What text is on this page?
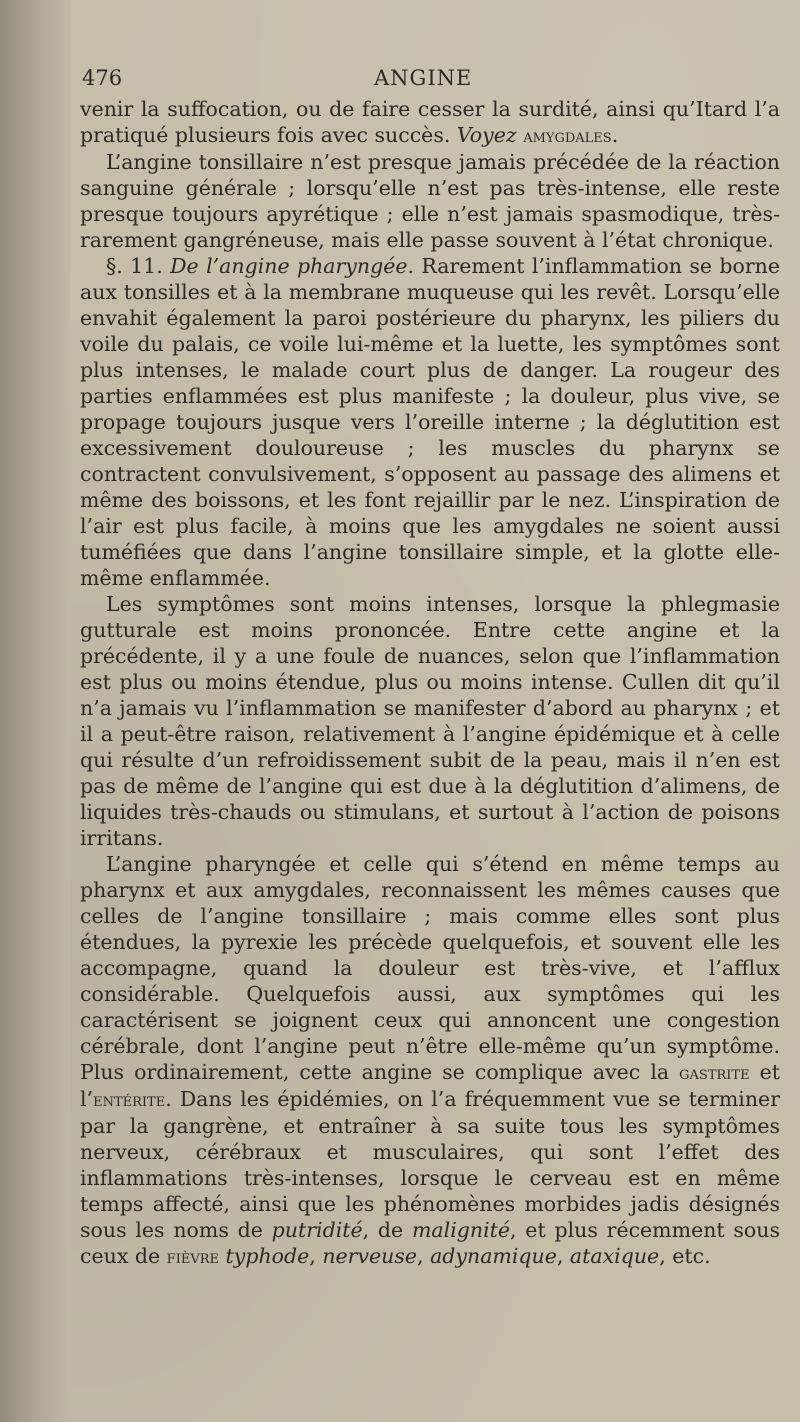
476	ANGINE

venir la suffocation, ou de faire cesser la surdité, ainsi qu’Itard l’a pratiqué plusieurs fois avec succès. Voyez amygdales.

L’angine tonsillaire n’est presque jamais précédée de la réaction sanguine générale ; lorsqu’elle n’est pas très-intense, elle reste presque toujours apyrétique ; elle n’est jamais spasmodique, très-rarement gangréneuse, mais elle passe souvent à l’état chronique.

§. 11. De l’angine pharyngée. Rarement l’inflammation se borne aux tonsilles et à la membrane muqueuse qui les revêt. Lorsqu’elle envahit également la paroi postérieure du pharynx, les piliers du voile du palais, ce voile lui-même et la luette, les symptômes sont plus intenses, le malade court plus de danger. La rougeur des parties enflammées est plus manifeste ; la douleur, plus vive, se propage toujours jusque vers l’oreille interne ; la déglutition est excessivement douloureuse ; les muscles du pharynx se contractent convulsivement, s’opposent au passage des alimens et même des boissons, et les font rejaillir par le nez. L’inspiration de l’air est plus facile, à moins que les amygdales ne soient aussi tuméfiées que dans l’angine tonsillaire simple, et la glotte elle-même enflammée.

Les symptômes sont moins intenses, lorsque la phlegmasie gutturale est moins prononcée. Entre cette angine et la précédente, il y a une foule de nuances, selon que l’inflammation est plus ou moins étendue, plus ou moins intense. Cullen dit qu’il n’a jamais vu l’inflammation se manifester d’abord au pharynx ; et il a peut-être raison, relativement à l’angine épidémique et à celle qui résulte d’un refroidissement subit de la peau, mais il n’en est pas de même de l’angine qui est due à la déglutition d’alimens, de liquides très-chauds ou stimulans, et surtout à l’action de poisons irritans.

L’angine pharyngée et celle qui s’étend en même temps au pharynx et aux amygdales, reconnaissent les mêmes causes que celles de l’angine tonsillaire ; mais comme elles sont plus étendues, la pyrexie les précède quelquefois, et souvent elle les accompagne, quand la douleur est très-vive, et l’afflux considérable. Quelquefois aussi, aux symptômes qui les caractérisent se joignent ceux qui annoncent une congestion cérébrale, dont l’angine peut n’être elle-même qu’un symptôme. Plus ordinairement, cette angine se complique avec la gastrite et l’entérite. Dans les épidémies, on l’a fréquemment vue se terminer par la gangrène, et entraîner à sa suite tous les symptômes nerveux, cérébraux et musculaires, qui sont l’effet des inflammations très-intenses, lorsque le cerveau est en même temps affecté, ainsi que les phénomènes morbides jadis désignés sous les noms de putridité, de malignité, et plus récemment sous ceux de fièvre typhode, nerveuse, adynamique, ataxique, etc.
